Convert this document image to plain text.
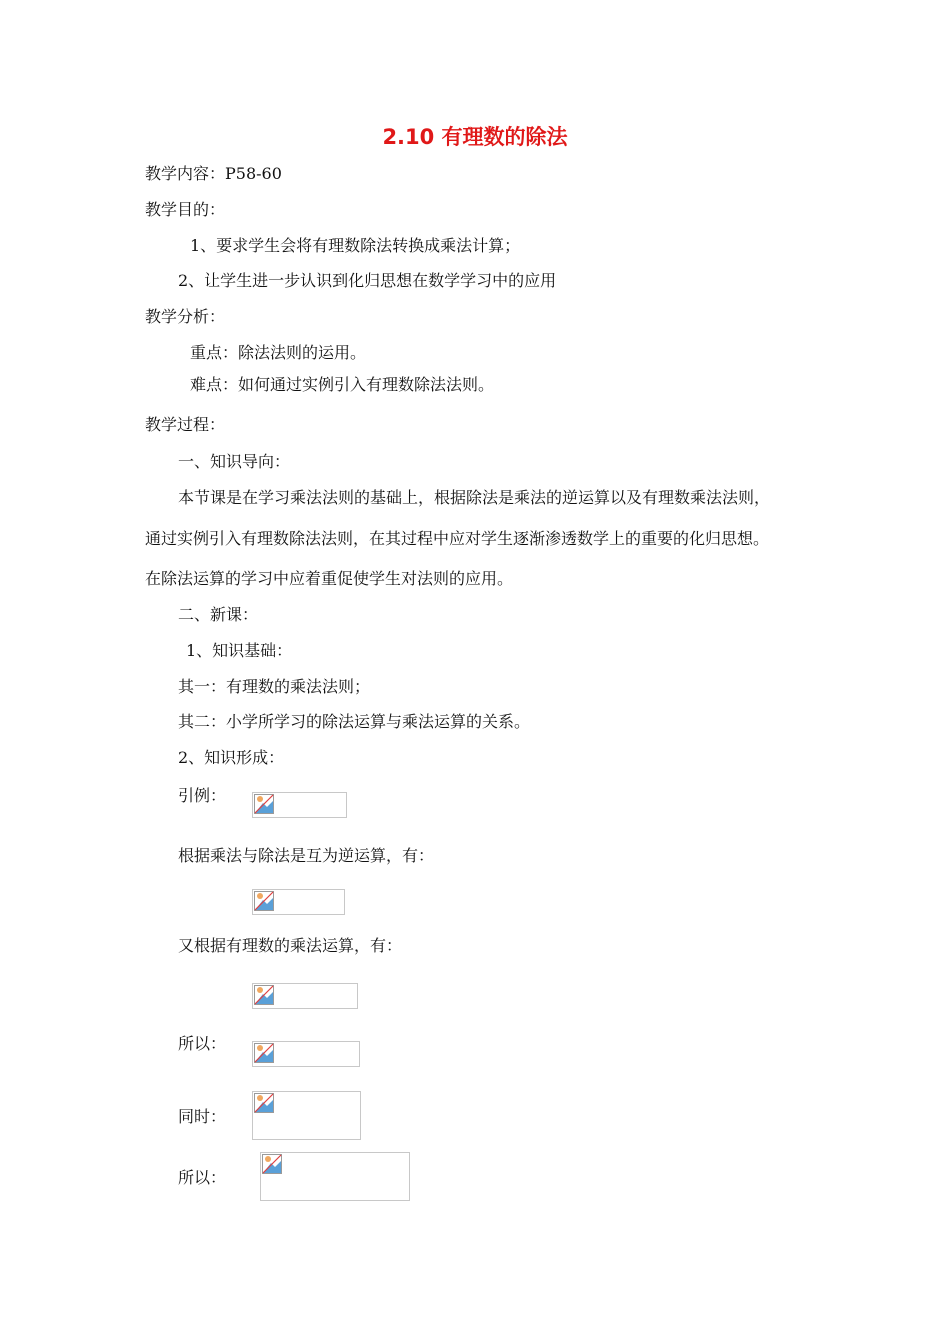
2.10 有理数的除法
教学内容：P58-60
教学目的：
1、要求学生会将有理数除法转换成乘法计算；
2、让学生进一步认识到化归思想在数学学习中的应用
教学分析：
重点：除法法则的运用。
难点：如何通过实例引入有理数除法法则。
教学过程：
一、知识导向：
本节课是在学习乘法法则的基础上，根据除法是乘法的逆运算以及有理数乘法法则，
通过实例引入有理数除法法则，在其过程中应对学生逐渐渗透数学上的重要的化归思想。
在除法运算的学习中应着重促使学生对法则的应用。
二、新课：
1、知识基础：
其一：有理数的乘法法则；
其二：小学所学习的除法运算与乘法运算的关系。
2、知识形成：
引例：
根据乘法与除法是互为逆运算，有：
又根据有理数的乘法运算，有：
所以：
同时：
所以：
